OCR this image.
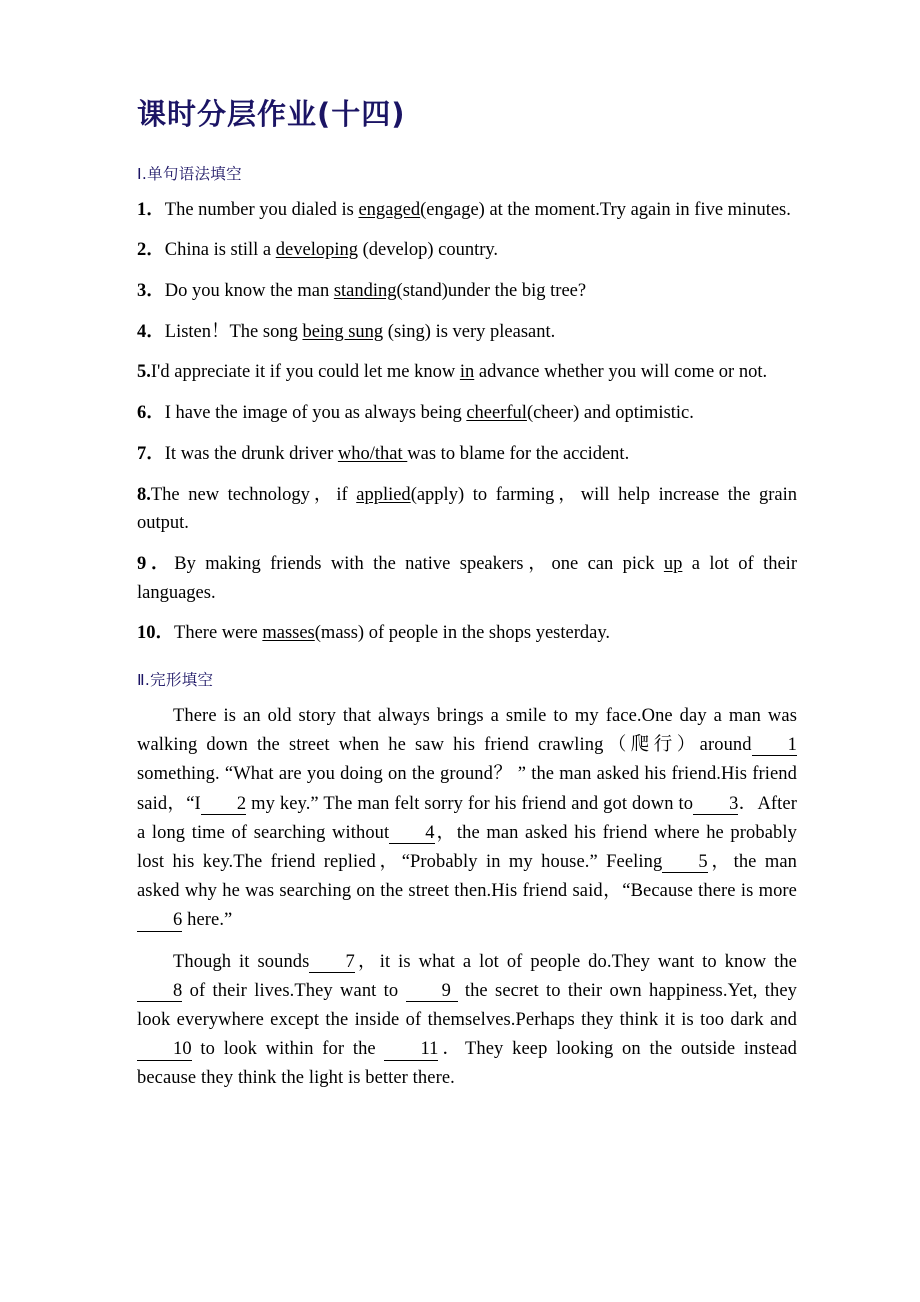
课时分层作业(十四)
Ⅰ.单句语法填空
1．The number you dialed is engaged(engage) at the moment.Try again in five minutes.
2．China is still a developing (develop) country.
3．Do you know the man standing(stand)under the big tree?
4．Listen！The song being sung (sing) is very pleasant.
5.I'd appreciate it if you could let me know in advance whether you will come or not.
6．I have the image of you as always being cheerful(cheer) and optimistic.
7．It was the drunk driver who/that was to blame for the accident.
8.The new technology，if applied(apply) to farming，will help increase the grain output.
9．By making friends with the native speakers，one can pick up a lot of their languages.
10．There were masses(mass) of people in the shops yesterday.
Ⅱ.完形填空
There is an old story that always brings a smile to my face.One day a man was walking down the street when he saw his friend crawling（爬行）around 1 something. “What are you doing on the ground？ ” the man asked his friend.His friend said，“I 2 my key.” The man felt sorry for his friend and got down to 3．After a long time of searching without 4，the man asked his friend where he probably lost his key.The friend replied，“Probably in my house.” Feeling 5，the man asked why he was searching on the street then.His friend said，“Because there is more6 here.”
Though it sounds 7，it is what a lot of people do.They want to know the 8 of their lives.They want to 9 the secret to their own happiness.Yet, they look everywhere except the inside of themselves.Perhaps they think it is too dark and 10 to look within for the 11．They keep looking on the outside instead because they think the light is better there.
